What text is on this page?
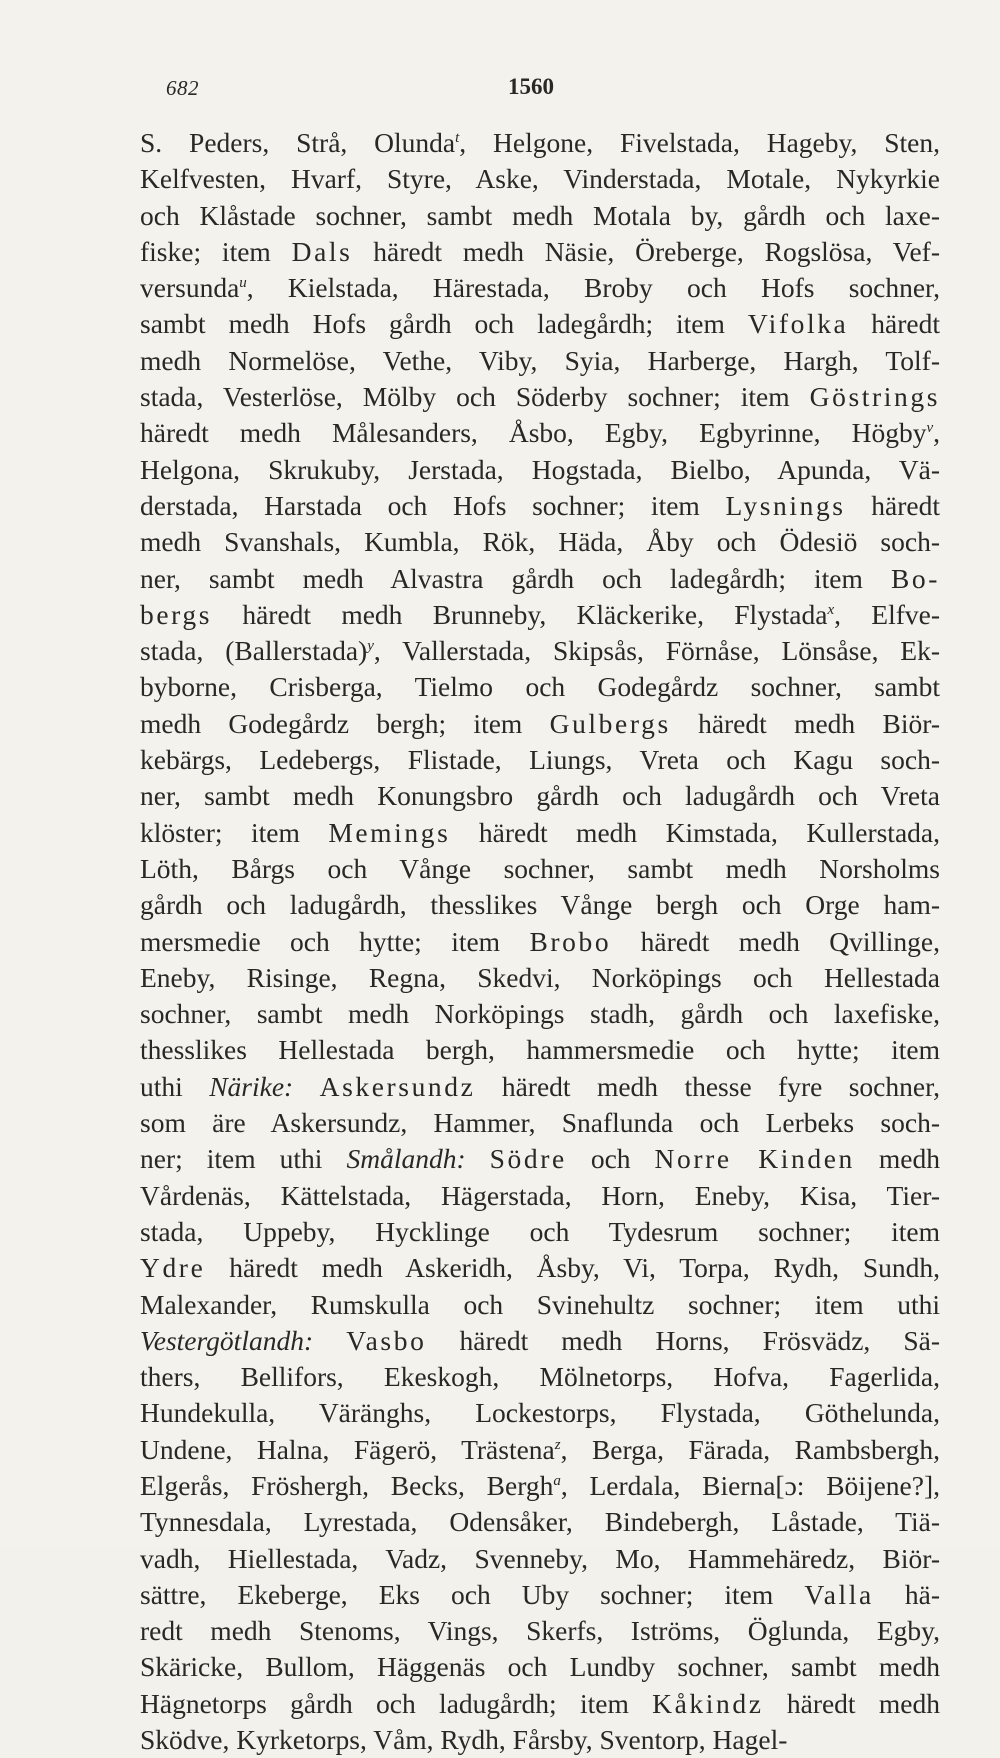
682	1560
S. Peders, Strå, Olunda$^t$, Helgone, Fivelstada, Hageby, Sten,
Kelfvesten, Hvarf, Styre, Aske, Vinderstada, Motale, Nykyrkie
och Klåstade sochner, sambt medh Motala by, gårdh och laxe-
fiske; item Dals häredt medh Näsie, Öreberge, Rogslösa, Vef-
versunda$^u$, Kielstada, Härestada, Broby och Hofs sochner,
sambt medh Hofs gårdh och ladegårdh; item Vifolka häredt
medh Normelöse, Vethe, Viby, Syia, Harberge, Hargh, Tolf-
stada, Vesterlöse, Mölby och Söderby sochner; item Göstrings
häredt medh Målesanders, Åsbo, Egby, Egbyrinne, Högby$^v$,
Helgona, Skrukuby, Jerstada, Hogstada, Bielbo, Apunda, Vä-
derstada, Harstada och Hofs sochner; item Lysnings häredt
medh Svanshals, Kumbla, Rök, Häda, Åby och Ödesiö soch-
ner, sambt medh Alvastra gårdh och ladegårdh; item Bo-
bergs häredt medh Brunneby, Kläckerike, Flystada$^x$, Elfve-
stada, (Ballerstada)$^y$, Vallerstada, Skipsås, Förnåse, Lönsåse, Ek-
byborne, Crisberga, Tielmo och Godegårdz sochner, sambt
medh Godegårdz bergh; item Gulbergs häredt medh Biör-
kebärgs, Ledebergs, Flistade, Liungs, Vreta och Kagu soch-
ner, sambt medh Konungsbro gårdh och ladugårdh och Vreta
klöster; item Memings häredt medh Kimstada, Kullerstada,
Löth, Bårgs och Vånge sochner, sambt medh Norsholms
gårdh och ladugårdh, thesslikes Vånge bergh och Orge ham-
mersmedie och hytte; item Brobo häredt medh Qvillinge,
Eneby, Risinge, Regna, Skedvi, Norköpings och Hellestada
sochner, sambt medh Norköpings stadh, gårdh och laxefiske,
thesslikes Hellestada bergh, hammersmedie och hytte; item
uthi Närike: Askersundz häredt medh thesse fyre sochner,
som äre Askersundz, Hammer, Snaflunda och Lerbeks soch-
ner; item uthi Smålandh: Södre och Norre Kinden medh
Vårdenäs, Kättelstada, Hägerstada, Horn, Eneby, Kisa, Tier-
stada, Uppeby, Hycklinge och Tydesrum sochner; item
Ydre häredt medh Askeridh, Åsby, Vi, Torpa, Rydh, Sundh,
Malexander, Rumskulla och Svinehultz sochner; item uthi
Vestergötlandh: Vasbo häredt medh Horns, Frösvädz, Sä-
thers, Bellifors, Ekeskogh, Mölnetorps, Hofva, Fagerlida,
Hundekulla, Väränghs, Lockestorps, Flystada, Göthelunda,
Undene, Halna, Fägerö, Trästena$^z$, Berga, Färada, Rambsbergh,
Elgerås, Fröshergh, Becks, Bergh$^a$, Lerdala, Bierna[ɔ: Böijene?],
Tynnesdala, Lyrestada, Odensåker, Bindebergh, Låstade, Tiä-
vadh, Hiellestada, Vadz, Svenneby, Mo, Hammehäredz, Biör-
sättre, Ekeberge, Eks och Uby sochner; item Valla hä-
redt medh Stenoms, Vings, Skerfs, Iströms, Öglunda, Egby,
Skäricke, Bullom, Häggenäs och Lundby sochner, sambt medh
Hägnetorps gårdh och ladugårdh; item Kåkindz häredt medh
Sködve, Kyrketorps, Våm, Rydh, Fårsby, Sventorp, Hagel-
